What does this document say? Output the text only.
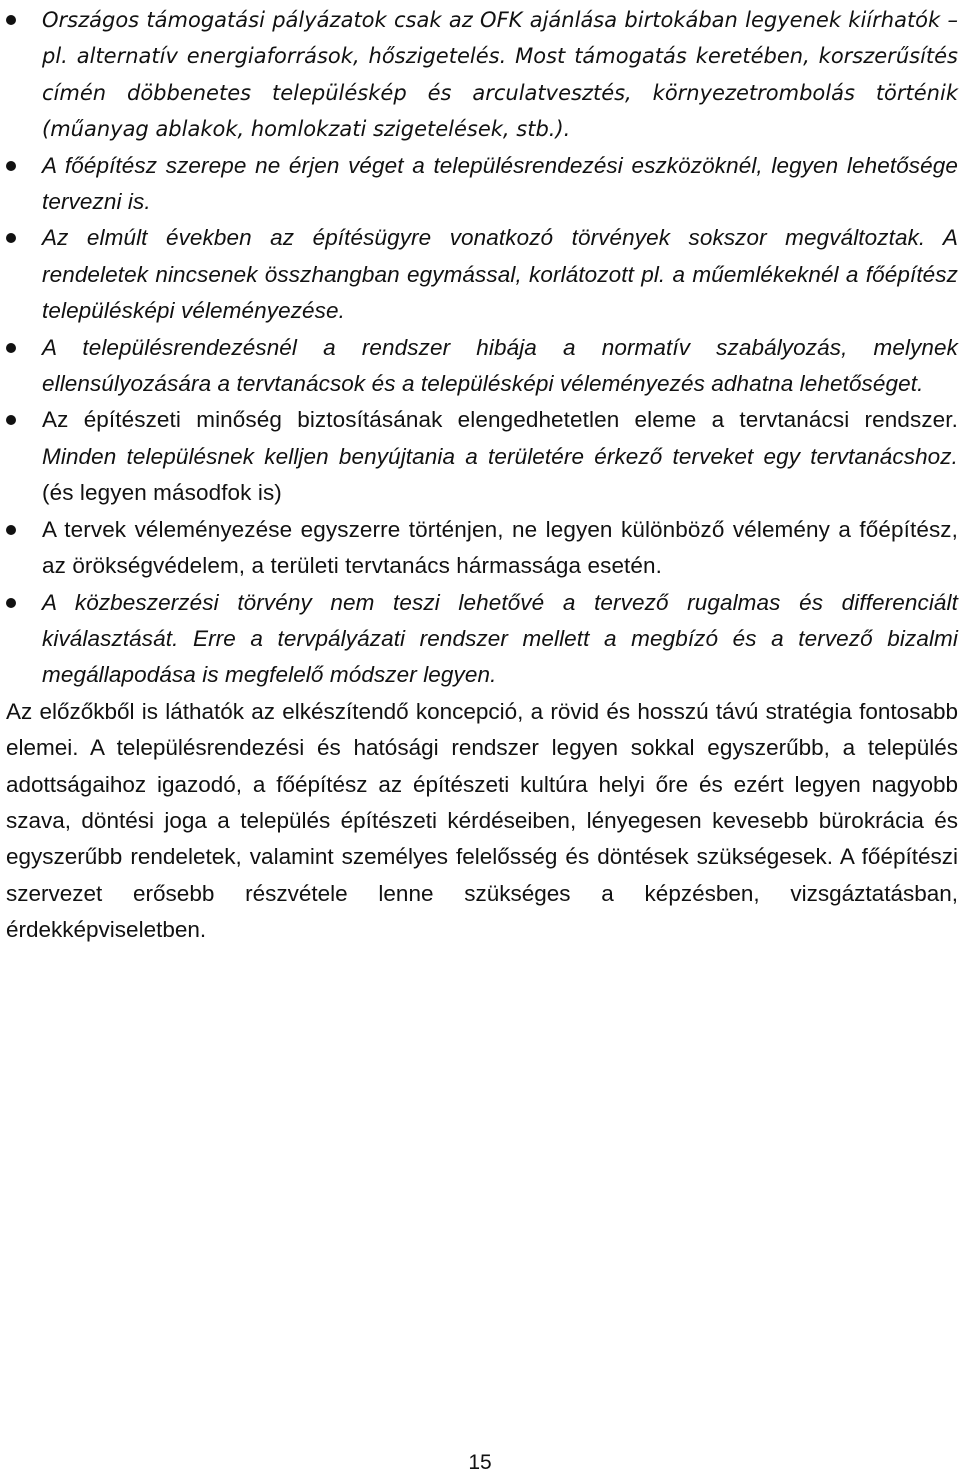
Országos támogatási pályázatok csak az OFK ajánlása birtokában legyenek kiírhatók – pl. alternatív energiaforrások, hőszigetelés. Most támogatás keretében, korszerűsítés címén döbbenetes településkép és arculatvesztés, környezetrombolás történik (műanyag ablakok, homlokzati szigetelések, stb.).
A főépítész szerepe ne érjen véget a településrendezési eszközöknél, legyen lehetősége tervezni is.
Az elmúlt években az építésügyre vonatkozó törvények sokszor megváltoztak. A rendeletek nincsenek összhangban egymással, korlátozott pl. a műemlékeknél a főépítész településképi véleményezése.
A településrendezésnél a rendszer hibája a normatív szabályozás, melynek ellensúlyozására a tervtanácsok és a településképi véleményezés adhatna lehetőséget.
Az építészeti minőség biztosításának elengedhetetlen eleme a tervtanácsi rendszer. Minden településnek kelljen benyújtania a területére érkező terveket egy tervtanácshoz. (és legyen másodfok is)
A tervek véleményezése egyszerre történjen, ne legyen különböző vélemény a főépítész, az örökségvédelem, a területi tervtanács hármassága esetén.
A közbeszerzési törvény nem teszi lehetővé a tervező rugalmas és differenciált kiválasztását. Erre a tervpályázati rendszer mellett a megbízó és a tervező bizalmi megállapodása is megfelelő módszer legyen.

Az előzőkből is láthatók az elkészítendő koncepció, a rövid és hosszú távú stratégia fontosabb elemei. A településrendezési és hatósági rendszer legyen sokkal egyszerűbb, a település adottságaihoz igazodó, a főépítész az építészeti kultúra helyi őre és ezért legyen nagyobb szava, döntési joga a település építészeti kérdéseiben, lényegesen kevesebb bürokrácia és egyszerűbb rendeletek, valamint személyes felelősség és döntések szükségesek. A főépítészi szervezet erősebb részvétele lenne szükséges a képzésben, vizsgáztatásban, érdekképviseletben.

15
